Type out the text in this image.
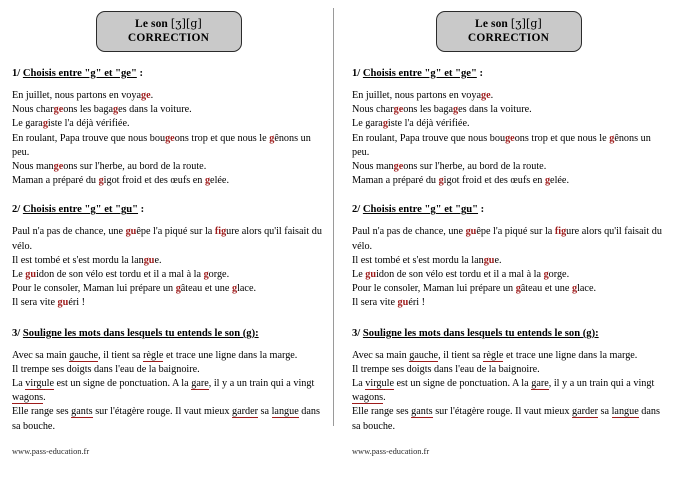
Le son [ʒ][g]
CORRECTION
1/ Choisis entre "g" et "ge" :
En juillet, nous partons en voyage.
Nous chargeons les bagages dans la voiture.
Le garagiste l'a déjà vérifiée.
En roulant, Papa trouve que nous bougeons trop et que nous le gênons un peu.
Nous mangeons sur l'herbe, au bord de la route.
Maman a préparé du gigot froid et des œufs en gelée.
2/ Choisis entre "g" et "gu" :
Paul n'a pas de chance, une guêpe l'a piqué sur la figure alors qu'il faisait du vélo.
Il est tombé et s'est mordu la langue.
Le guidon de son vélo est tordu et il a mal à la gorge.
Pour le consoler, Maman lui prépare un gâteau et une glace.
Il sera vite guéri !
3/ Souligne les mots dans lesquels tu entends le son (g):
Avec sa main gauche, il tient sa règle et trace une ligne dans la marge.
Il trempe ses doigts dans l'eau de la baignoire.
La virgule est un signe de ponctuation. A la gare, il y a un train qui a vingt wagons.
Elle range ses gants sur l'étagère rouge. Il vaut mieux garder sa langue dans sa bouche.
Le son [ʒ][g]
CORRECTION
1/ Choisis entre "g" et "ge" :
En juillet, nous partons en voyage.
Nous chargeons les bagages dans la voiture.
Le garagiste l'a déjà vérifiée.
En roulant, Papa trouve que nous bougeons trop et que nous le gênons un peu.
Nous mangeons sur l'herbe, au bord de la route.
Maman a préparé du gigot froid et des œufs en gelée.
2/ Choisis entre "g" et "gu" :
Paul n'a pas de chance, une guêpe l'a piqué sur la figure alors qu'il faisait du vélo.
Il est tombé et s'est mordu la langue.
Le guidon de son vélo est tordu et il a mal à la gorge.
Pour le consoler, Maman lui prépare un gâteau et une glace.
Il sera vite guéri !
3/ Souligne les mots dans lesquels tu entends le son (g):
Avec sa main gauche, il tient sa règle et trace une ligne dans la marge.
Il trempe ses doigts dans l'eau de la baignoire.
La virgule est un signe de ponctuation. A la gare, il y a un train qui a vingt wagons.
Elle range ses gants sur l'étagère rouge. Il vaut mieux garder sa langue dans sa bouche.
www.pass-education.fr	www.pass-education.fr
